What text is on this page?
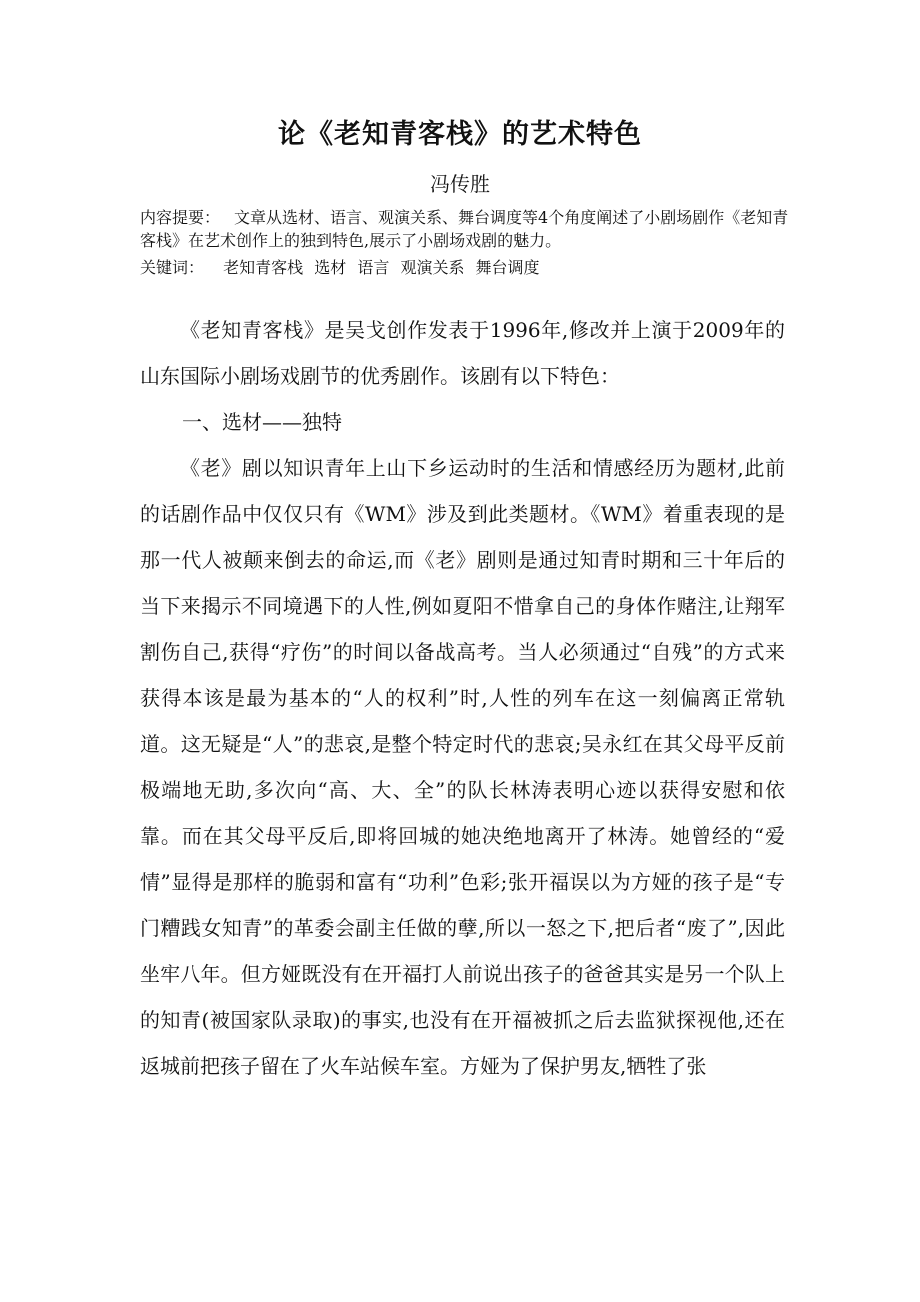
论《老知青客栈》的艺术特色
冯传胜
内容提要： 文章从选材、语言、观演关系、舞台调度等4个角度阐述了小剧场剧作《老知青客栈》在艺术创作上的独到特色,展示了小剧场戏剧的魅力。
关键词： 老知青客栈 选材 语言 观演关系 舞台调度

《老知青客栈》是吴戈创作发表于1996年,修改并上演于2009年的山东国际小剧场戏剧节的优秀剧作。该剧有以下特色：

一、选材——独特

《老》剧以知识青年上山下乡运动时的生活和情感经历为题材,此前的话剧作品中仅仅只有《WM》涉及到此类题材。《WM》着重表现的是那一代人被颠来倒去的命运,而《老》剧则是通过知青时期和三十年后的当下来揭示不同境遇下的人性,例如夏阳不惜拿自己的身体作赌注,让翔军割伤自己,获得“疗伤”的时间以备战高考。当人必须通过“自残”的方式来获得本该是最为基本的“人的权利”时,人性的列车在这一刻偏离正常轨道。这无疑是“人”的悲哀,是整个特定时代的悲哀;吴永红在其父母平反前极端地无助,多次向“高、大、全”的队长林涛表明心迹以获得安慰和依靠。而在其父母平反后,即将回城的她决绝地离开了林涛。她曾经的“爱情”显得是那样的脆弱和富有“功利”色彩;张开福误以为方娅的孩子是“专门糟践女知青”的革委会副主任做的孽,所以一怒之下,把后者“废了”,因此坐牢八年。但方娅既没有在开福打人前说出孩子的爸爸其实是另一个队上的知青(被国家队录取)的事实,也没有在开福被抓之后去监狱探视他,还在返城前把孩子留在了火车站候车室。方娅为了保护男友,牺牲了张
